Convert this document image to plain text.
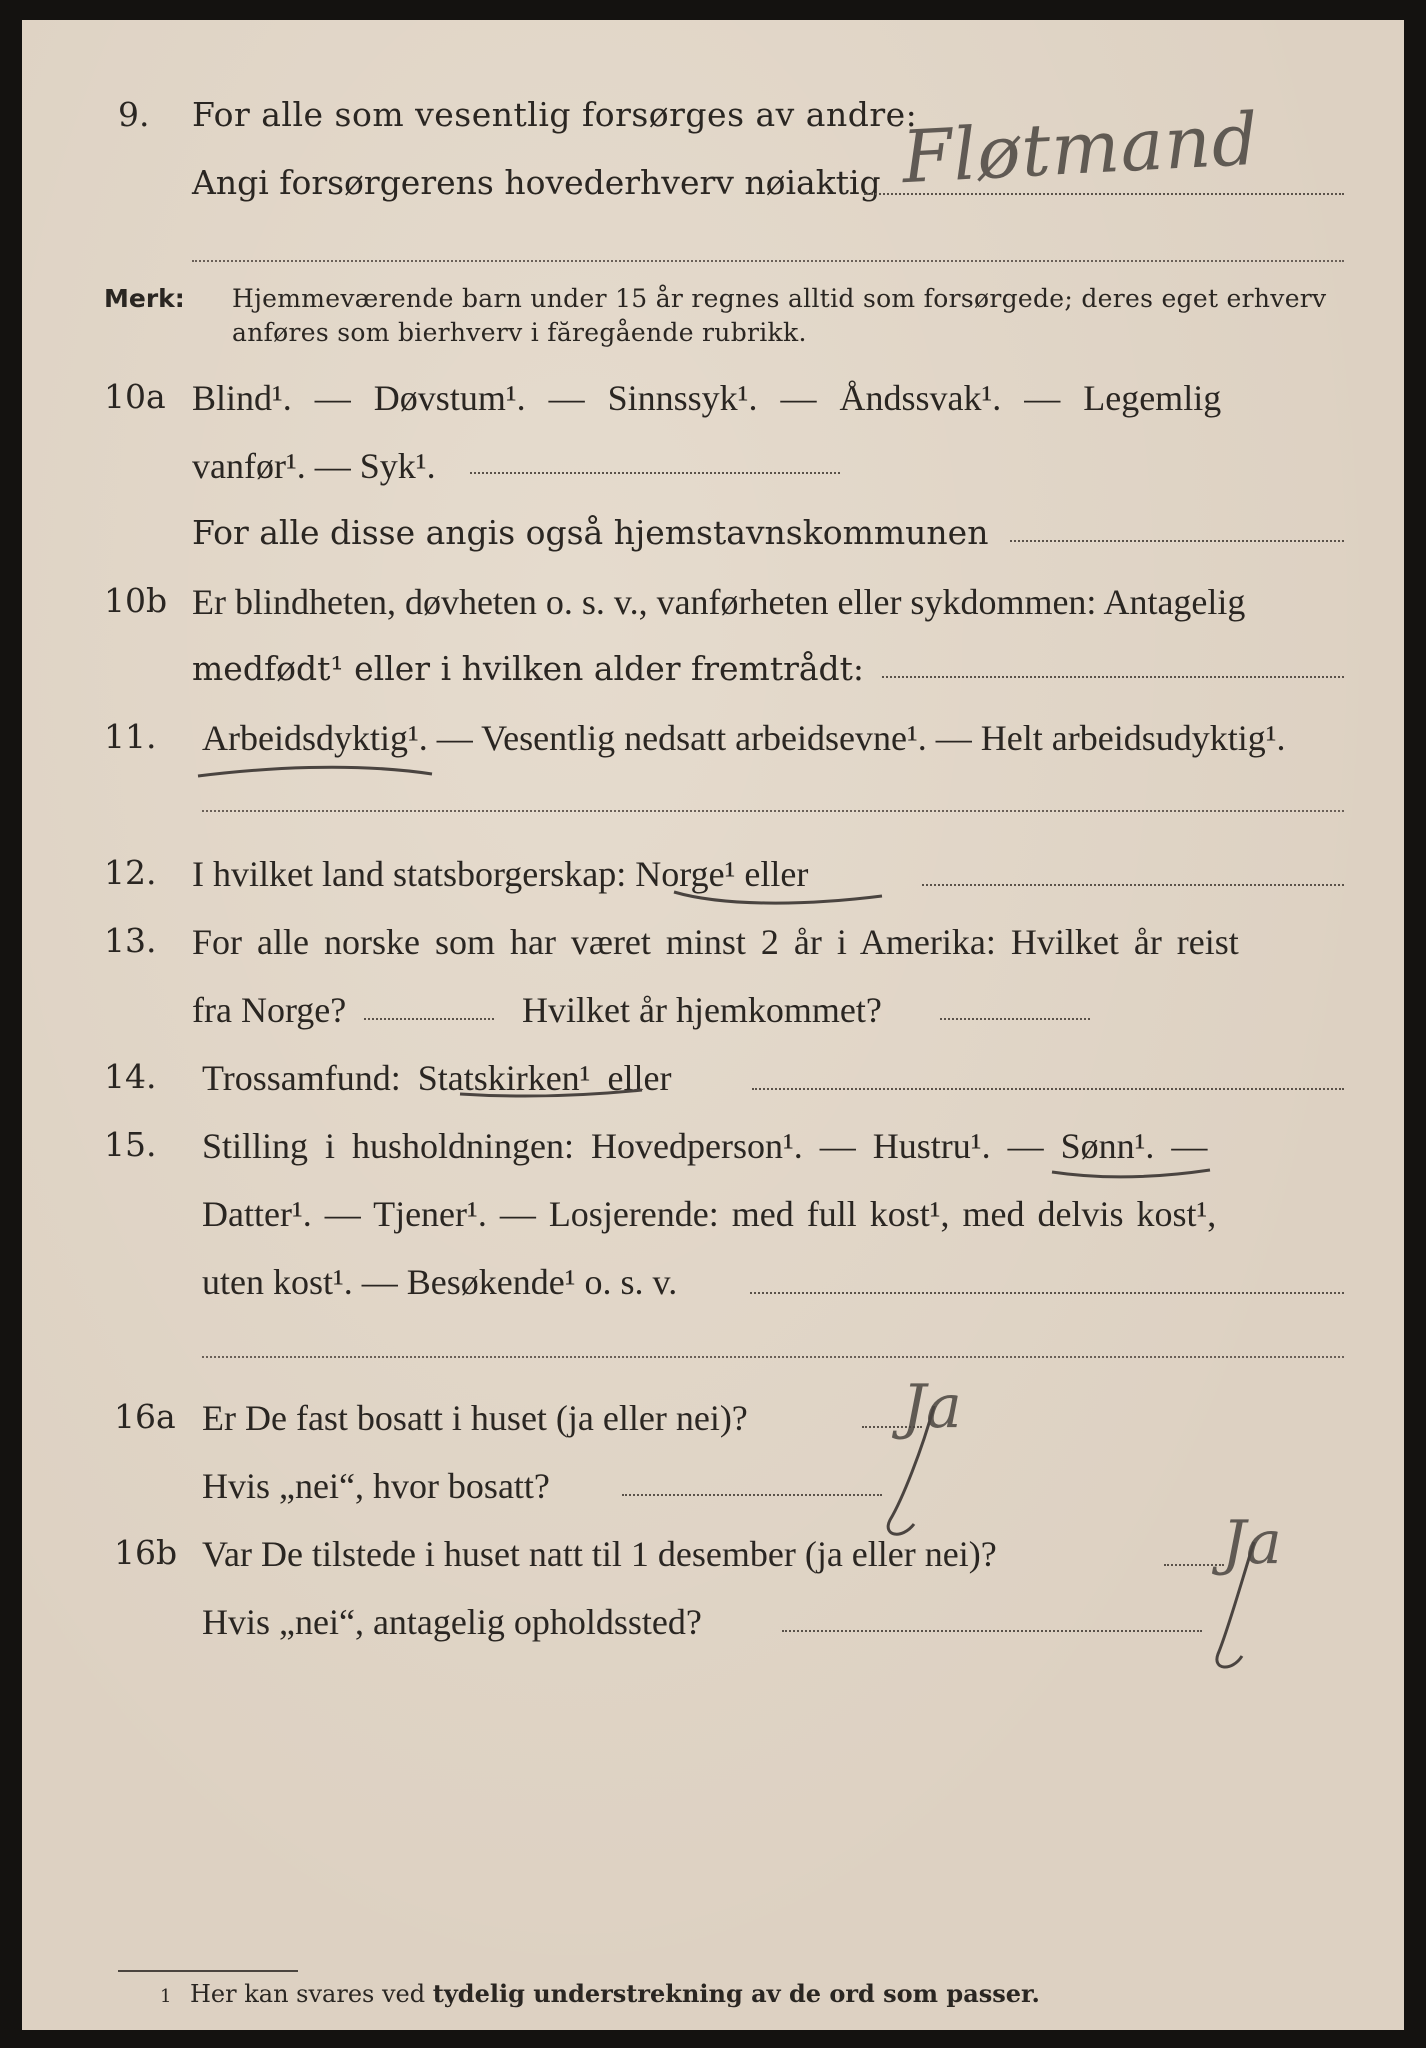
9. For alle som vesentlig forsørges av andre:
Angi forsørgerens hovederhverv nøiaktig Fløtmand
Merk: Hjemmeværende barn under 15 år regnes alltid som forsørgede; deres eget erhverv
anføres som bierhverv i făregående rubrikk.
10a Blind¹. — Døvstum¹. — Sinnssyk¹. — Åndssvak¹. — Legemlig
vanfør¹. — Syk¹.
For alle disse angis også hjemstavnskommunen
10b Er blindheten, døvheten o. s. v., vanførheten eller sykdommen: Antagelig
medfødt¹ eller i hvilken alder fremtrådt:
11. Arbeidsdyktig¹. — Vesentlig nedsatt arbeidsevne¹. — Helt arbeidsudyktig¹.
12. I hvilket land statsborgerskap: Norge¹ eller
13. For alle norske som har været minst 2 år i Amerika: Hvilket år reist
fra Norge?	Hvilket år hjemkommet?
14. Trossamfund: Statskirken¹ eller
15. Stilling i husholdningen: Hovedperson¹. — Hustru¹. — Sønn¹. —
Datter¹. — Tjener¹. — Losjerende: med full kost¹, med delvis kost¹,
uten kost¹. — Besøkende¹ o. s. v.
16a Er De fast bosatt i huset (ja eller nei)?	Ja
Hvis „nei“, hvor bosatt?
16b Var De tilstede i huset natt til 1 desember (ja eller nei)?	Ja
Hvis „nei“, antagelig opholdssted?
1 Her kan svares ved tydelig understrekning av de ord som passer.
